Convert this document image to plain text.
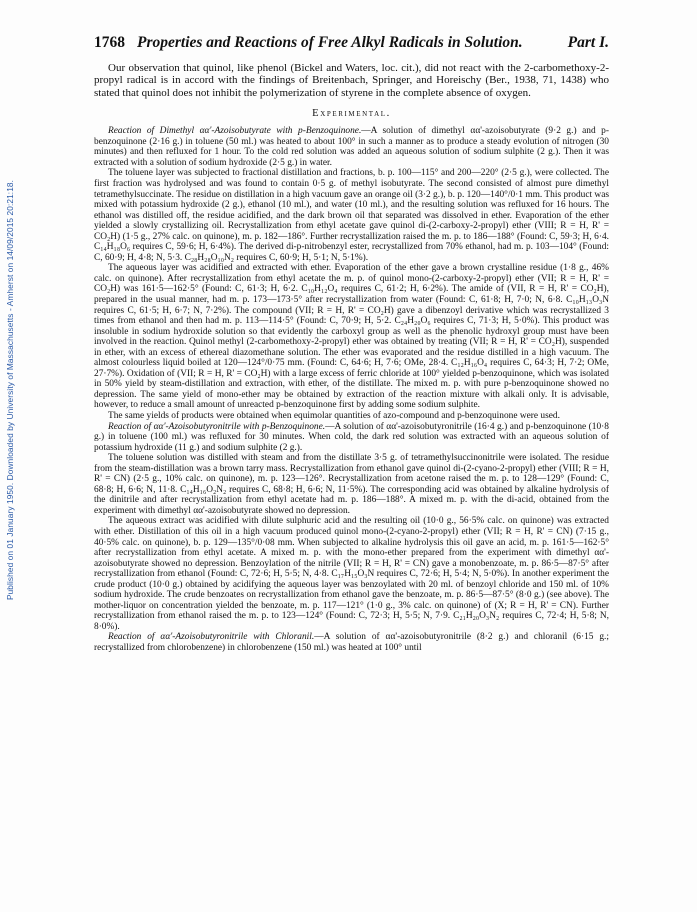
Published on 01 January 1950. Downloaded by University of Massachusetts - Amherst on 14/09/2015 20:21:18.
1768 Properties and Reactions of Free Alkyl Radicals in Solution.	Part I.

Our observation that quinol, like phenol (Bickel and Waters, loc. cit.), did not react with the 2-carbomethoxy-2-propyl radical is in accord with the findings of Breitenbach, Springer, and Horeischy (Ber., 1938, 71, 1438) who stated that quinol does not inhibit the polymerization of styrene in the complete absence of oxygen.

Experimental.

Reaction of Dimethyl αα'-Azoisobutyrate with p-Benzoquinone.—A solution of dimethyl αα'-azoisobutyrate (9·2 g.) and p-benzoquinone (2·16 g.) in toluene (50 ml.) was heated to about 100° in such a manner as to produce a steady evolution of nitrogen (30 minutes) and then refluxed for 1 hour. To the cold red solution was added an aqueous solution of sodium sulphite (2 g.). Then it was extracted with a solution of sodium hydroxide (2·5 g.) in water.

The toluene layer was subjected to fractional distillation and fractions, b. p. 100—115° and 200—220° (2·5 g.), were collected. The first fraction was hydrolysed and was found to contain 0·5 g. of methyl isobutyrate. The second consisted of almost pure dimethyl tetramethylsuccinate. The residue on distillation in a high vacuum gave an orange oil (3·2 g.), b. p. 120—140°/0·1 mm. This product was mixed with potassium hydroxide (2 g.), ethanol (10 ml.), and water (10 ml.), and the resulting solution was refluxed for 16 hours. The ethanol was distilled off, the residue acidified, and the dark brown oil that separated was dissolved in ether. Evaporation of the ether yielded a slowly crystallizing oil. Recrystallization from ethyl acetate gave quinol di-(2-carboxy-2-propyl) ether (VIII; R = H, R' = CO₂H) (1·5 g., 27% calc. on quinone), m. p. 182—186°. Further recrystallization raised the m. p. to 186—188° (Found: C, 59·3; H, 6·4. C₁₄H₁₈O₆ requires C, 59·6; H, 6·4%). The derived di-p-nitrobenzyl ester, recrystallized from 70% ethanol, had m. p. 103—104° (Found: C, 60·9; H, 4·8; N, 5·3. C₂₈H₂₈O₁₀N₂ requires C, 60·9; H, 5·1; N, 5·1%).

The aqueous layer was acidified and extracted with ether. Evaporation of the ether gave a brown crystalline residue (1·8 g., 46% calc. on quinone). After recrystallization from ethyl acetate the m. p. of quinol mono-(2-carboxy-2-propyl) ether (VII; R = H, R' = CO₂H) was 161·5—162·5° (Found: C, 61·3; H, 6·2. C₁₀H₁₂O₄ requires C, 61·2; H, 6·2%). The amide of (VII, R = H, R' = CO₂H), prepared in the usual manner, had m. p. 173—173·5° after recrystallization from water (Found: C, 61·8; H, 7·0; N, 6·8. C₁₀H₁₃O₃N requires C, 61·5; H, 6·7; N, 7·2%). The compound (VII; R = H, R' = CO₂H) gave a dibenzoyl derivative which was recrystallized 3 times from ethanol and then had m. p. 113—114·5° (Found: C, 70·9; H, 5·2. C₂₄H₂₀O₆ requires C, 71·3; H, 5·0%). This product was insoluble in sodium hydroxide solution so that evidently the carboxyl group as well as the phenolic hydroxyl group must have been involved in the reaction. Quinol methyl (2-carbomethoxy-2-propyl) ether was obtained by treating (VII; R = H, R' = CO₂H), suspended in ether, with an excess of ethereal diazomethane solution. The ether was evaporated and the residue distilled in a high vacuum. The almost colourless liquid boiled at 120—124°/0·75 mm. (Found: C, 64·6; H, 7·6; OMe, 28·4. C₁₂H₁₆O₄ requires C, 64·3; H, 7·2; OMe, 27·7%). Oxidation of (VII; R = H, R' = CO₂H) with a large excess of ferric chloride at 100° yielded p-benzoquinone, which was isolated in 50% yield by steam-distillation and extraction, with ether, of the distillate. The mixed m. p. with pure p-benzoquinone showed no depression. The same yield of mono-ether may be obtained by extraction of the reaction mixture with alkali only. It is advisable, however, to reduce a small amount of unreacted p-benzoquinone first by adding some sodium sulphite.

The same yields of products were obtained when equimolar quantities of azo-compound and p-benzoquinone were used.

Reaction of αα'-Azoisobutyronitrile with p-Benzoquinone.—A solution of αα'-azoisobutyronitrile (16·4 g.) and p-benzoquinone (10·8 g.) in toluene (100 ml.) was refluxed for 30 minutes. When cold, the dark red solution was extracted with an aqueous solution of potassium hydroxide (11 g.) and sodium sulphite (2 g.).

The toluene solution was distilled with steam and from the distillate 3·5 g. of tetramethylsuccinonitrile were isolated. The residue from the steam-distillation was a brown tarry mass. Recrystallization from ethanol gave quinol di-(2-cyano-2-propyl) ether (VIII; R = H, R' = CN) (2·5 g., 10% calc. on quinone), m. p. 123—126°. Recrystallization from acetone raised the m. p. to 128—129° (Found: C, 68·8; H, 6·6; N, 11·8. C₁₄H₁₆O₂N₂ requires C, 68·8; H, 6·6; N, 11·5%). The corresponding acid was obtained by alkaline hydrolysis of the dinitrile and after recrystallization from ethyl acetate had m. p. 186—188°. A mixed m. p. with the di-acid, obtained from the experiment with dimethyl αα'-azoisobutyrate showed no depression.

The aqueous extract was acidified with dilute sulphuric acid and the resulting oil (10·0 g., 56·5% calc. on quinone) was extracted with ether. Distillation of this oil in a high vacuum produced quinol mono-(2-cyano-2-propyl) ether (VII; R = H, R' = CN) (7·15 g., 40·5% calc. on quinone), b. p. 129—135°/0·08 mm. When subjected to alkaline hydrolysis this oil gave an acid, m. p. 161·5—162·5° after recrystallization from ethyl acetate. A mixed m. p. with the mono-ether prepared from the experiment with dimethyl αα'-azoisobutyrate showed no depression. Benzoylation of the nitrile (VII; R = H, R' = CN) gave a monobenzoate, m. p. 86·5—87·5° after recrystallization from ethanol (Found: C, 72·6; H, 5·5; N, 4·8. C₁₇H₁₅O₃N requires C, 72·6; H, 5·4; N, 5·0%). In another experiment the crude product (10·0 g.) obtained by acidifying the aqueous layer was benzoylated with 20 ml. of benzoyl chloride and 150 ml. of 10% sodium hydroxide. The crude benzoates on recrystallization from ethanol gave the benzoate, m. p. 86·5—87·5° (8·0 g.) (see above). The mother-liquor on concentration yielded the benzoate, m. p. 117—121° (1·0 g., 3% calc. on quinone) of (X; R = H, R' = CN). Further recrystallization from ethanol raised the m. p. to 123—124° (Found: C, 72·3; H, 5·5; N, 7·9. C₂₁H₂₀O₃N₂ requires C, 72·4; H, 5·8; N, 8·0%).

Reaction of αα'-Azoisobutyronitrile with Chloranil.—A solution of αα'-azoisobutyronitrile (8·2 g.) and chloranil (6·15 g.; recrystallized from chlorobenzene) in chlorobenzene (150 ml.) was heated at 100° until
